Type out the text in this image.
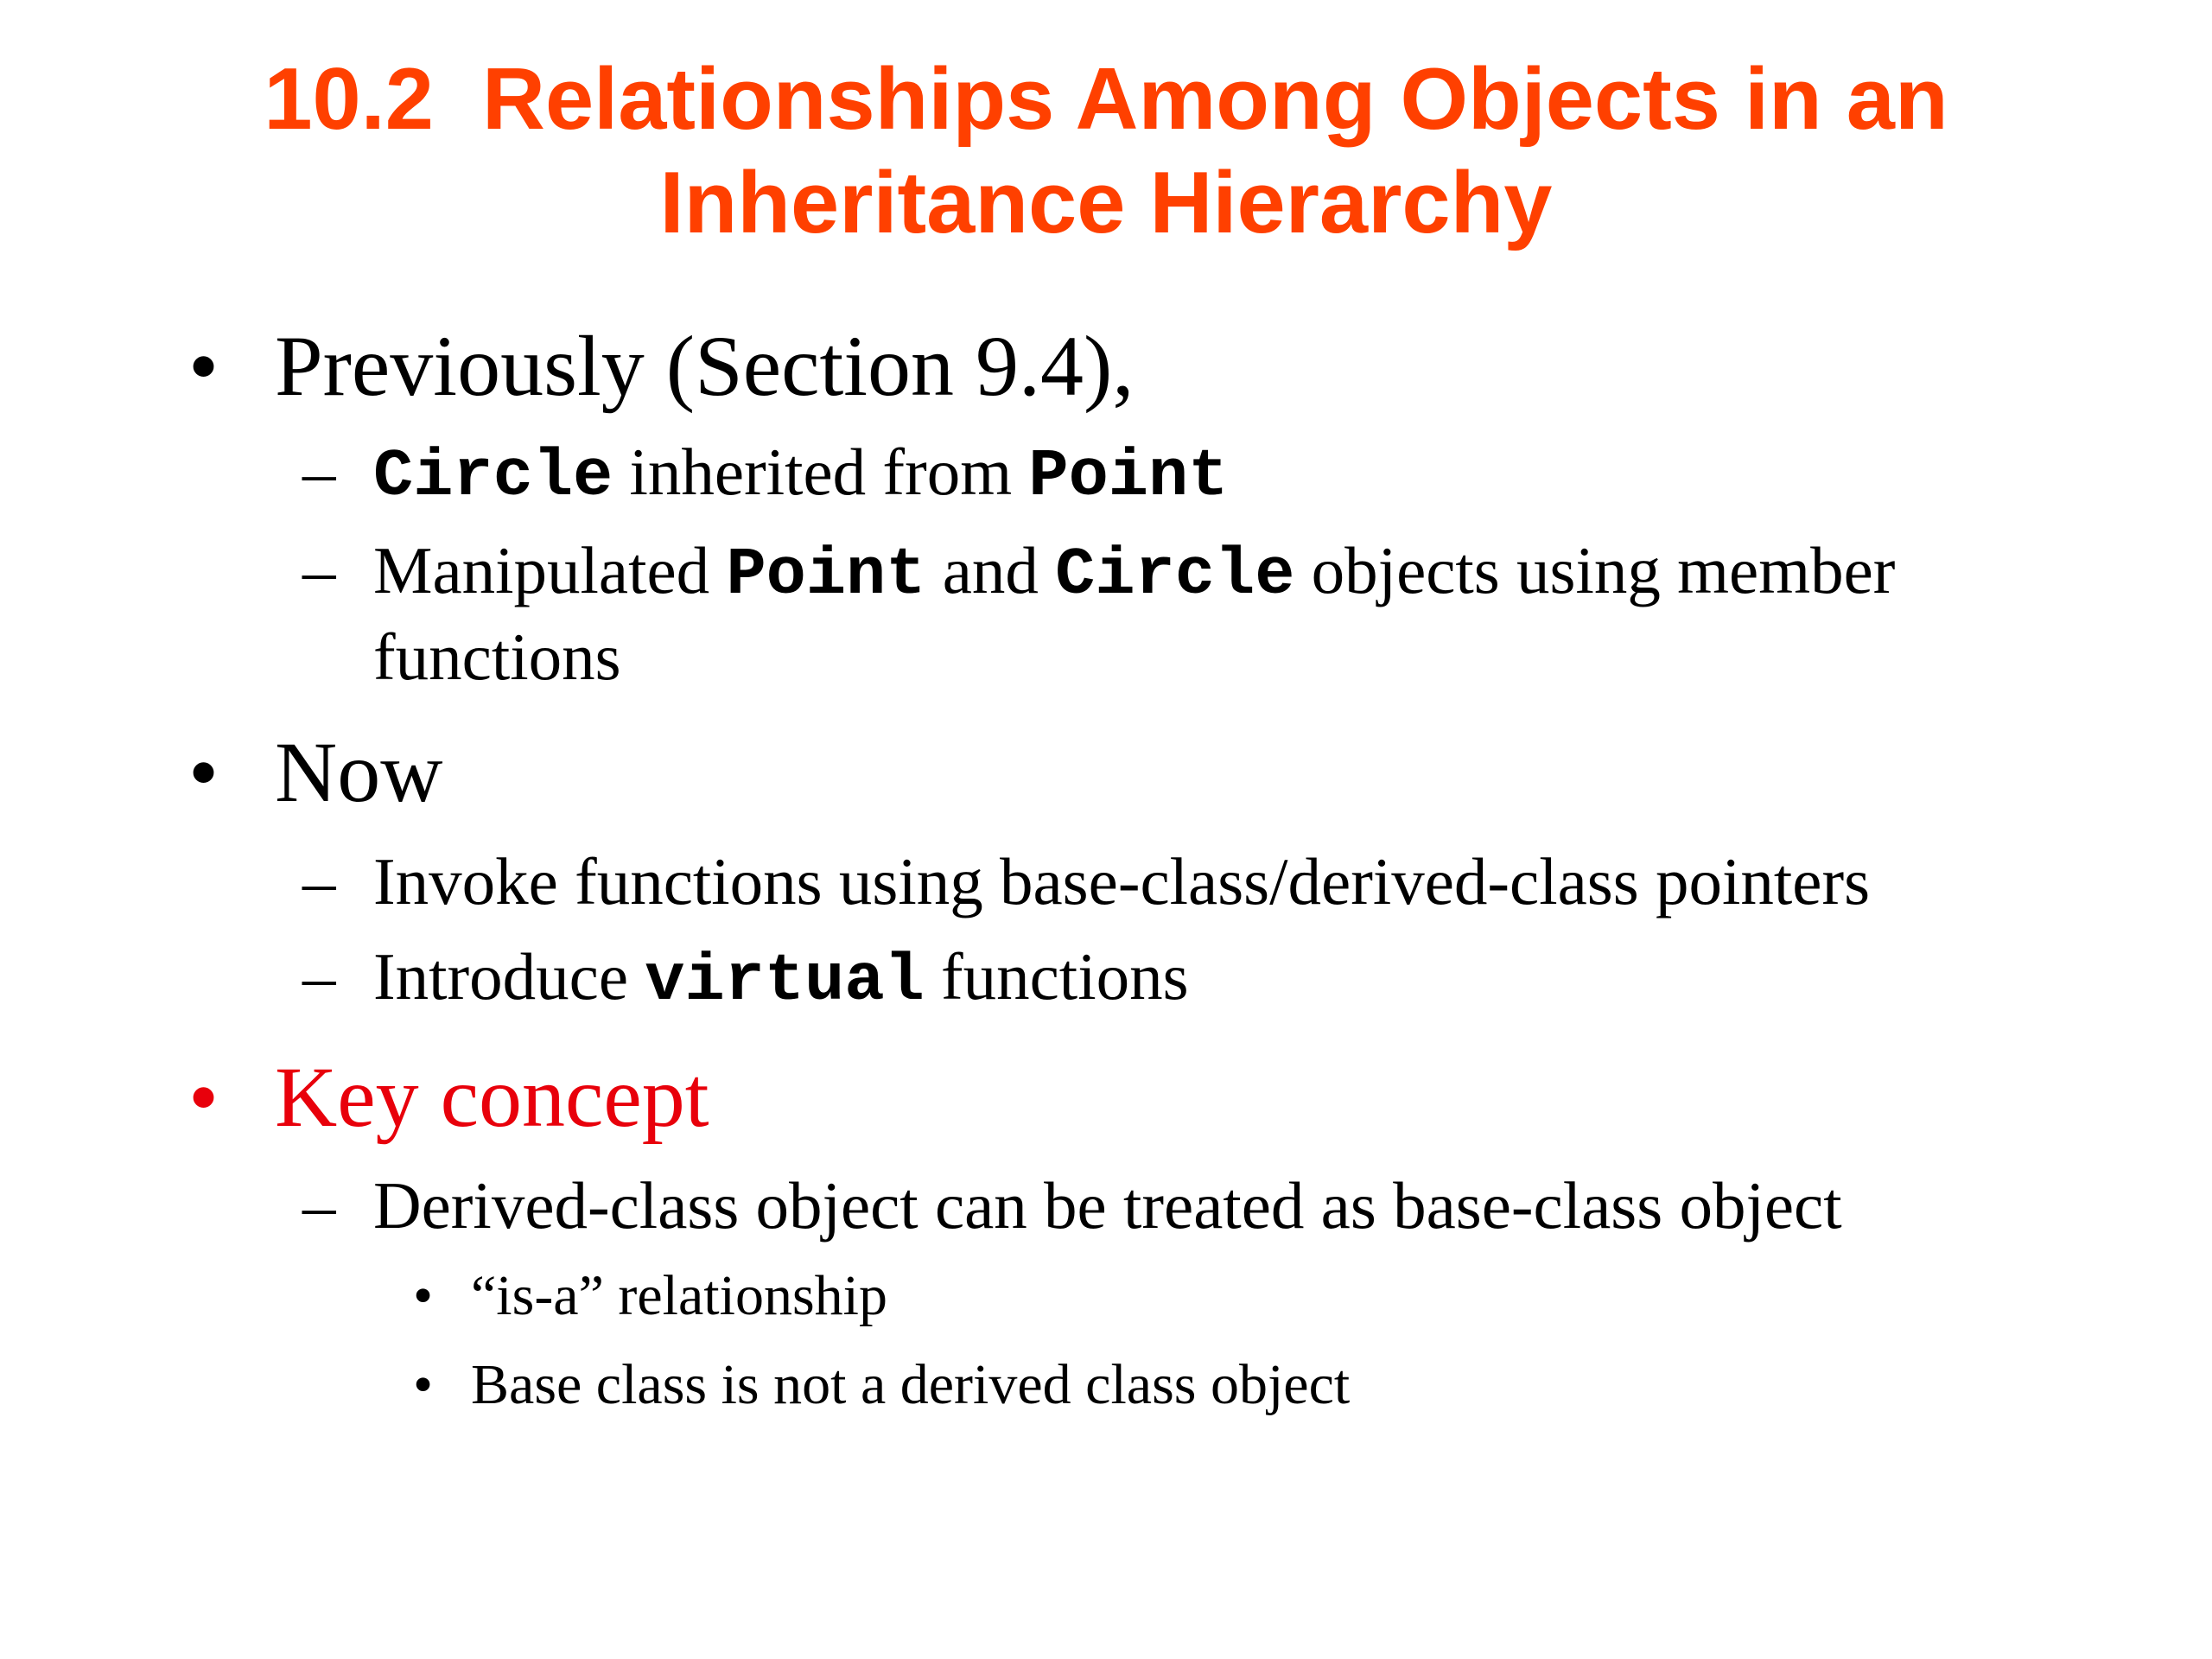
10.2  Relationships Among Objects in an
Inheritance Hierarchy
• Previously (Section 9.4),
– Circle inherited from Point
– Manipulated Point and Circle objects using member
functions
• Now
– Invoke functions using base-class/derived-class pointers
– Introduce virtual functions
• Key concept
– Derived-class object can be treated as base-class object
• “is-a” relationship
• Base class is not a derived class object
